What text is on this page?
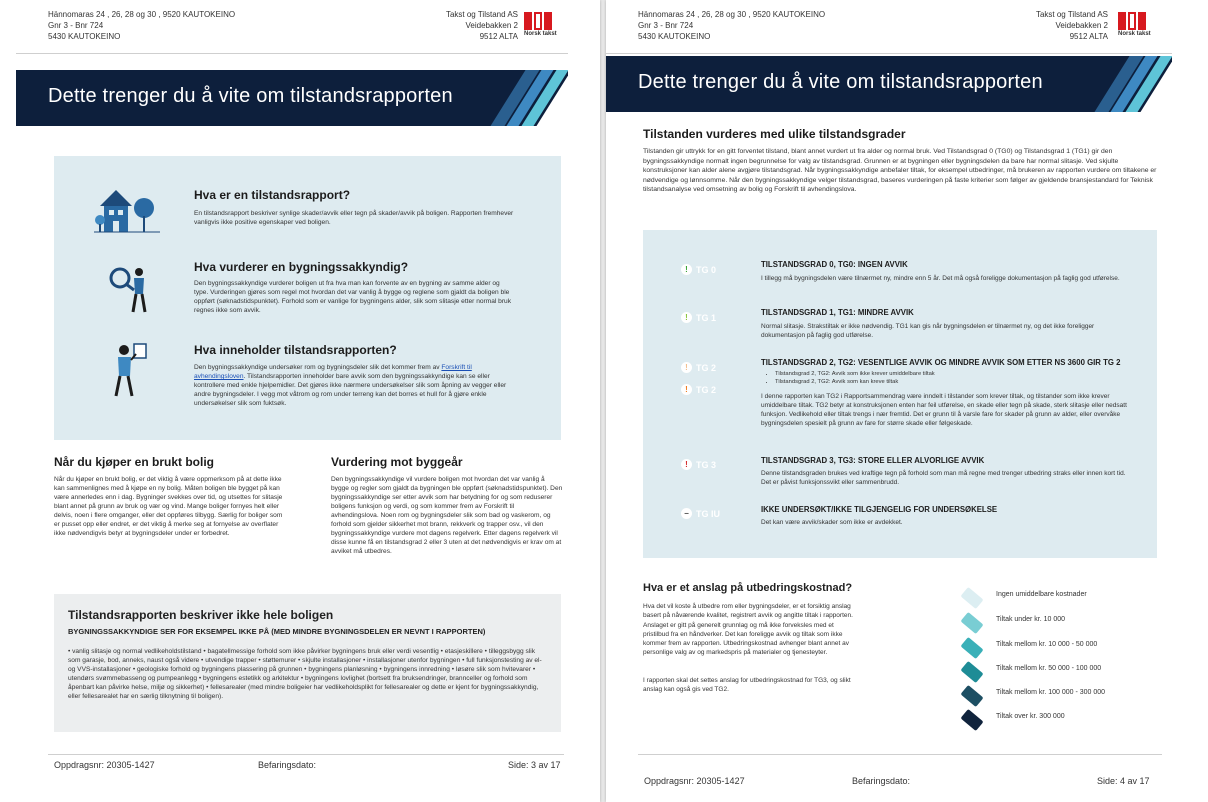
Hännomaras 24 , 26, 28 og 30 , 9520 KAUTOKEINO
Gnr 3 - Bnr 724
5430 KAUTOKEINO
Takst og Tilstand AS
Veidebakken 2
9512 ALTA Norsk takst
Dette trenger du å vite om tilstandsrapporten
Hva er en tilstandsrapport?

En tilstandsrapport beskriver synlige skader/avvik eller tegn på skader/avvik på boligen. Rapporten fremhever vanligvis ikke positive egenskaper ved boligen.

Hva vurderer en bygningssakkyndig?

Den bygningssakkyndige vurderer boligen ut fra hva man kan forvente av en bygning av samme alder og type. Vurderingen gjøres som regel mot hvordan det var vanlig å bygge og reglene som gjaldt da boligen ble oppført (søknadstidspunktet). Forhold som er vanlige for bygningens alder, slik som slitasje etter normal bruk regnes ikke som avvik.

Hva inneholder tilstandsrapporten?

Den bygningssakkyndige undersøker rom og bygningsdeler slik det kommer frem av Forskrift til avhendingsloven. Tilstandsrapporten inneholder bare avvik som den bygningssakkyndige kan se eller kontrollere med enkle hjelpemidler. Det gjøres ikke nærmere undersøkelser slik som åpning av vegger eller andre bygningsdeler. I vegg mot våtrom og rom under terreng kan det borres et hull for å gjøre enkle undersøkelser slik som fuktsøk.

Når du kjøper en brukt bolig

Når du kjøper en brukt bolig, er det viktig å være oppmerksom på at dette ikke kan sammenlignes med å kjøpe en ny bolig. Måten boligen ble bygget på kan være annerledes enn i dag. Bygninger svekkes over tid, og utsettes for slitasje blant annet på grunn av bruk og vær og vind. Mange boliger fornyes helt eller delvis, noen i flere omganger, eller det oppføres tilbygg. Særlig for boliger som er pusset opp eller endret, er det viktig å merke seg at fornyelse av overflater ikke nødvendigvis betyr at bygningsdeler under er forbedret.

Vurdering mot byggeår

Den bygningssakkyndige vil vurdere boligen mot hvordan det var vanlig å bygge og regler som gjaldt da bygningen ble oppført (søknadstidspunktet). Den bygningssakkyndige ser etter avvik som har betydning for og som reduserer boligens funksjon og verdi, og som kommer frem av Forskrift til avhendingslova. Noen rom og bygningsdeler slik som bad og vaskerom, og forhold som gjelder sikkerhet mot brann, rekkverk og trapper osv., vil den bygningssakkyndige vurdere mot dagens regelverk. Etter dagens regelverk vil disse kunne få en tilstandsgrad 2 eller 3 uten at det nødvendigvis er krav om at avviket må utbedres.

Tilstandsrapporten beskriver ikke hele boligen
BYGNINGSSAKKYNDIGE SER FOR EKSEMPEL IKKE PÅ (MED MINDRE BYGNINGSDELEN ER NEVNT I RAPPORTEN)

• vanlig slitasje og normal vedlikeholdstilstand • bagatellmessige forhold som ikke påvirker bygningens bruk eller verdi vesentlig • etasjeskillere • tilleggsbygg slik som garasje, bod, anneks, naust også videre • utvendige trapper • støttemurer • skjulte installasjoner • installasjoner utenfor bygningen • full funksjonstesting av el- og VVS-installasjoner • geologiske forhold og bygningens plassering på grunnen • bygningens planløsning • bygningens innredning • løsøre slik som hvitevarer • utendørs svømmebasseng og pumpeanlegg • bygningens estetikk og arkitektur • bygningens lovlighet (bortsett fra bruksendringer, brannceller og forhold som åpenbart kan påvirke helse, miljø og sikkerhet) • fellesarealer (med mindre boligeier har vedlikeholdsplikt for fellesarealer og dette er kjent for bygningssakkyndig, eller fellesarealet har en særlig tilknytning til boligen).

Oppdragsnr: 20305-1427	Befaringsdato:	Side: 3 av 17
Hännomaras 24 , 26, 28 og 30 , 9520 KAUTOKEINO
Gnr 3 - Bnr 724
5430 KAUTOKEINO
Takst og Tilstand AS
Veidebakken 2
9512 ALTA Norsk takst
Dette trenger du å vite om tilstandsrapporten
Tilstanden vurderes med ulike tilstandsgrader

Tilstanden gir uttrykk for en gitt forventet tilstand, blant annet vurdert ut fra alder og normal bruk. Ved Tilstandsgrad 0 (TG0) og Tilstandsgrad 1 (TG1) gir den bygningssakkyndige normalt ingen begrunnelse for valg av tilstandsgrad. Grunnen er at bygningen eller bygningsdelen da bare har normal slitasje. Ved skjulte konstruksjoner kan alder alene avgjøre tilstandsgrad. Når bygningssakkyndige anbefaler tiltak, for eksempel utbedringer, må brukeren av rapporten vurdere om tiltakene er nødvendige og lønnsomme. Når den bygningssakkyndige velger tilstandsgrad, baseres vurderingen på faste kriterier som følger av gjeldende bransjestandard for Teknisk tilstandsanalyse ved omsetning av bolig og Forskrift til avhendingslova.

! TG 0	TILSTANDSGRAD 0, TG0: INGEN AVVIK
I tillegg må bygningsdelen være tilnærmet ny, mindre enn 5 år. Det må også foreligge dokumentasjon på faglig god utførelse.
! TG 1	TILSTANDSGRAD 1, TG1: MINDRE AVVIK
Normal slitasje. Strakstiltak er ikke nødvendig. TG1 kan gis når bygningsdelen er tilnærmet ny, og det ikke foreligger dokumentasjon på faglig god utførelse.
! TG 2
! TG 2
TILSTANDSGRAD 2, TG2: VESENTLIGE AVVIK OG MINDRE AVVIK SOM ETTER NS 3600 GIR TG 2
• Tilstandsgrad 2, TG2: Avvik som ikke krever umiddelbare tiltak
• Tilstandsgrad 2, TG2: Avvik som kan kreve tiltak
I denne rapporten kan TG2 i Rapportsammendrag være inndelt i tilstander som krever tiltak, og tilstander som ikke krever umiddelbare tiltak. TG2 betyr at konstruksjonen enten har feil utførelse, en skade eller tegn på skade, sterk slitasje eller nedsatt funksjon. Vedlikehold eller tiltak trengs i nær fremtid. Det er grunn til å varsle fare for skader på grunn av alder, eller overvåke bygningsdelen spesielt på grunn av fare for større skade eller følgeskade.
! TG 3	TILSTANDSGRAD 3, TG3: STORE ELLER ALVORLIGE AVVIK
Denne tilstandsgraden brukes ved kraftige tegn på forhold som man må regne med trenger utbedring straks eller innen kort tid. Det er påvist funksjonssvikt eller sammenbrudd.
− TG IU	IKKE UNDERSØKT/IKKE TILGJENGELIG FOR UNDERSØKELSE
Det kan være avvik/skader som ikke er avdekket.
Hva er et anslag på utbedringskostnad?

Hva det vil koste å utbedre rom eller bygningsdeler, er et forsiktig anslag basert på nåværende kvalitet, registrert avvik og angitte tiltak i rapporten. Anslaget er gitt på generelt grunnlag og må ikke forveksles med et pristilbud fra en håndverker. Det kan foreligge avvik og tiltak som ikke kommer frem av rapporten. Utbedringskostnad avhenger blant annet av personlige valg av og markedspris på materialer og tjenesteyter.

I rapporten skal det settes anslag for utbedringskostnad for TG3, og slikt anslag kan også gis ved TG2.

Ingen umiddelbare kostnader
Tiltak under kr. 10 000
Tiltak mellom kr. 10 000 - 50 000
Tiltak mellom kr. 50 000 - 100 000
Tiltak mellom kr. 100 000 - 300 000
Tiltak over kr. 300 000
Oppdragsnr: 20305-1427	Befaringsdato:	Side: 4 av 17
